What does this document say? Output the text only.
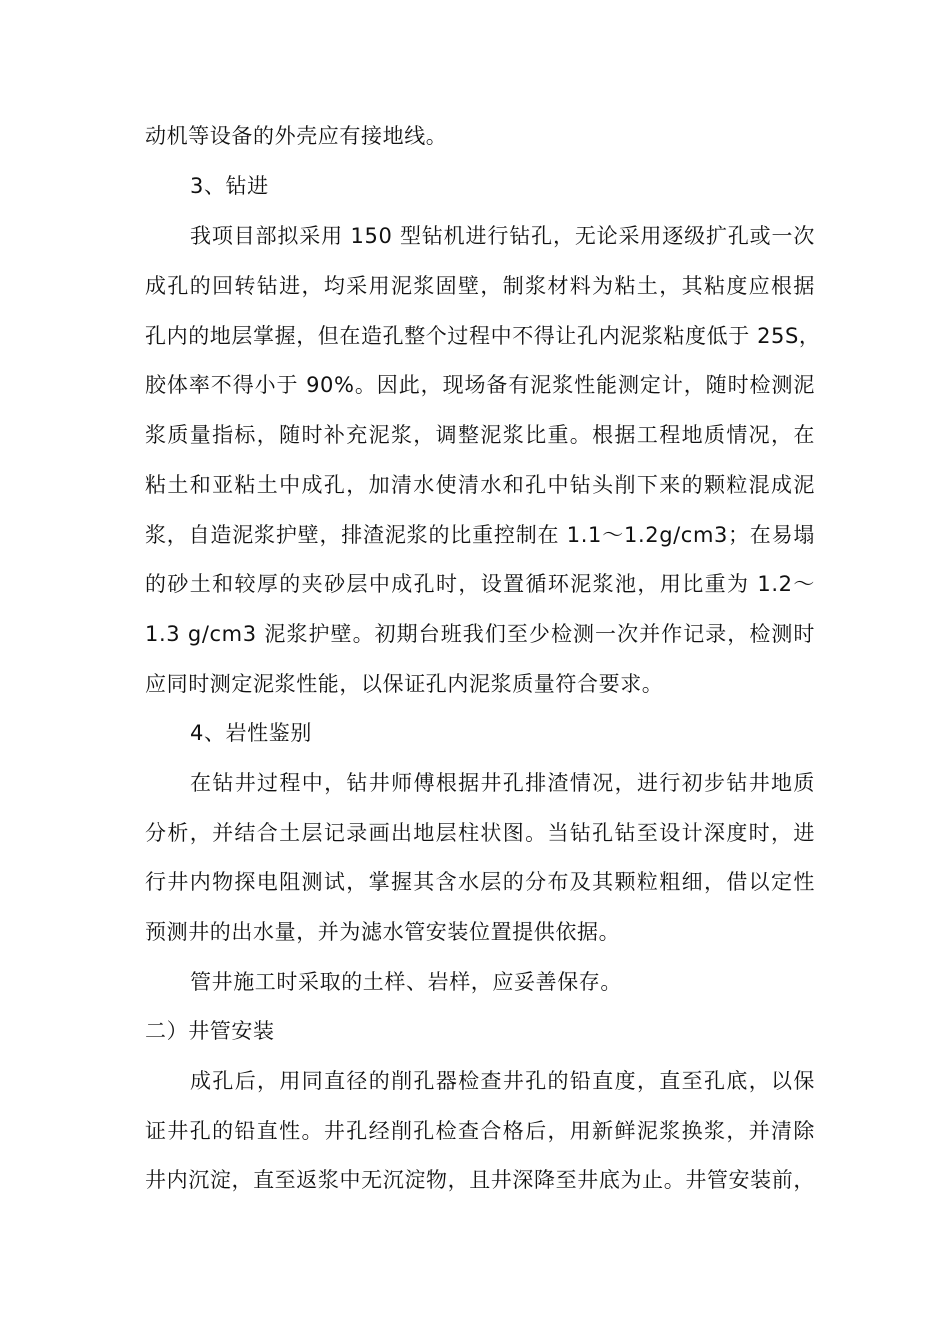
动机等设备的外壳应有接地线。
3、钻进
我项目部拟采用 150 型钻机进行钻孔，无论采用逐级扩孔或一次
成孔的回转钻进，均采用泥浆固壁，制浆材料为粘土，其粘度应根据
孔内的地层掌握，但在造孔整个过程中不得让孔内泥浆粘度低于 25S，
胶体率不得小于 90%。因此，现场备有泥浆性能测定计，随时检测泥
浆质量指标，随时补充泥浆，调整泥浆比重。根据工程地质情况，在
粘土和亚粘土中成孔，加清水使清水和孔中钻头削下来的颗粒混成泥
浆，自造泥浆护壁，排渣泥浆的比重控制在 1.1～1.2g/cm3；在易塌
的砂土和较厚的夹砂层中成孔时，设置循环泥浆池，用比重为 1.2～
1.3 g/cm3 泥浆护壁。初期台班我们至少检测一次并作记录，检测时
应同时测定泥浆性能，以保证孔内泥浆质量符合要求。
4、岩性鉴别
在钻井过程中，钻井师傅根据井孔排渣情况，进行初步钻井地质
分析，并结合土层记录画出地层柱状图。当钻孔钻至设计深度时，进
行井内物探电阻测试，掌握其含水层的分布及其颗粒粗细，借以定性
预测井的出水量，并为滤水管安装位置提供依据。
管井施工时采取的土样、岩样，应妥善保存。
二）井管安装
成孔后，用同直径的削孔器检查井孔的铅直度，直至孔底，以保
证井孔的铅直性。井孔经削孔检查合格后，用新鲜泥浆换浆，并清除
井内沉淀，直至返浆中无沉淀物，且井深降至井底为止。井管安装前，
